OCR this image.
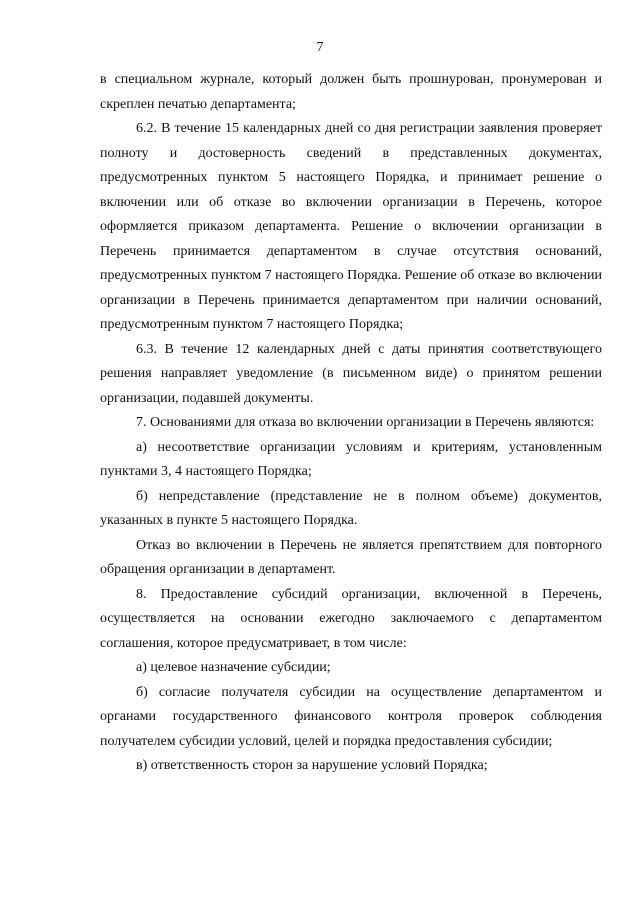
7

в специальном журнале, который должен быть прошнурован, пронумерован и скреплен печатью департамента;

6.2. В течение 15 календарных дней со дня регистрации заявления проверяет полноту и достоверность сведений в представленных документах, предусмотренных пунктом 5 настоящего Порядка, и принимает решение о включении или об отказе во включении организации в Перечень, которое оформляется приказом департамента. Решение о включении организации в Перечень принимается департаментом в случае отсутствия оснований, предусмотренных пунктом 7 настоящего Порядка. Решение об отказе во включении организации в Перечень принимается департаментом при наличии оснований, предусмотренным пунктом 7 настоящего Порядка;

6.3. В течение 12 календарных дней с даты принятия соответствующего решения направляет уведомление (в письменном виде) о принятом решении организации, подавшей документы.

7. Основаниями для отказа во включении организации в Перечень являются:

а) несоответствие организации условиям и критериям, установленным пунктами 3, 4 настоящего Порядка;

б) непредставление (представление не в полном объеме) документов, указанных в пункте 5 настоящего Порядка.

Отказ во включении в Перечень не является препятствием для повторного обращения организации в департамент.

8. Предоставление субсидий организации, включенной в Перечень, осуществляется на основании ежегодно заключаемого с департаментом соглашения, которое предусматривает, в том числе:

а) целевое назначение субсидии;

б) согласие получателя субсидии на осуществление департаментом и органами государственного финансового контроля проверок соблюдения получателем субсидии условий, целей и порядка предоставления субсидии;

в) ответственность сторон за нарушение условий Порядка;
